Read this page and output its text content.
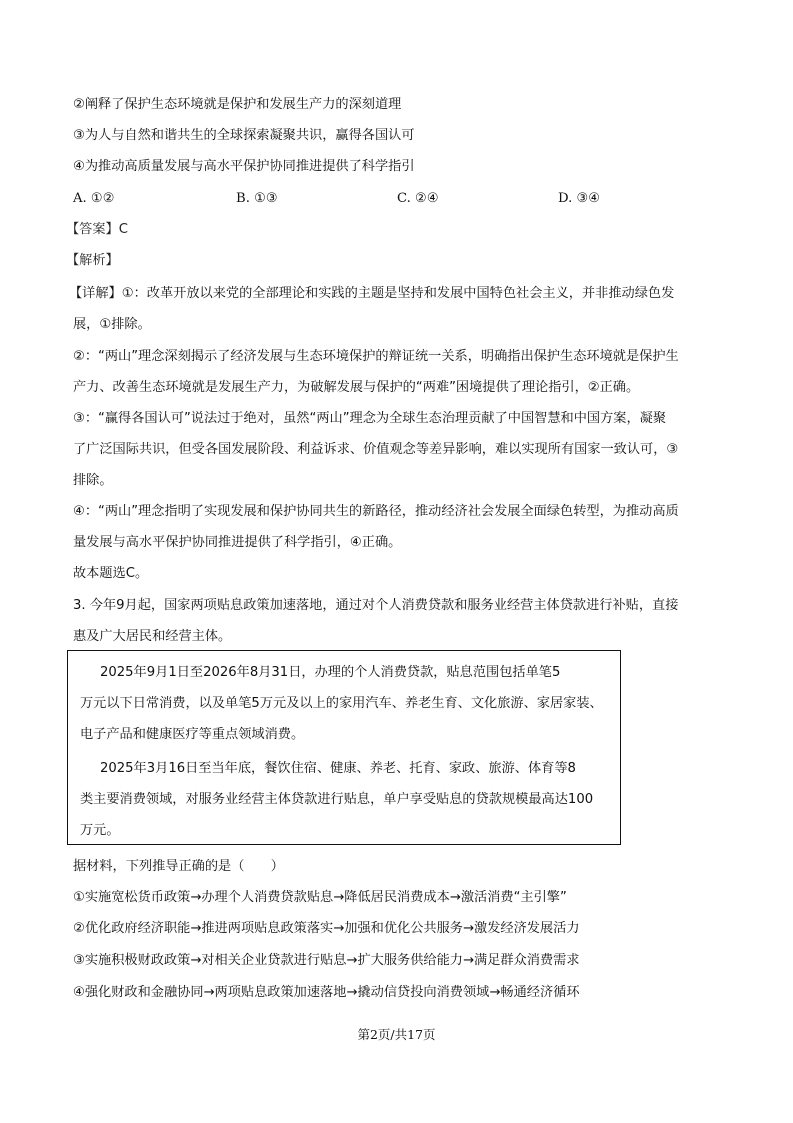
②阐释了保护生态环境就是保护和发展生产力的深刻道理
③为人与自然和谐共生的全球探索凝聚共识，赢得各国认可
④为推动高质量发展与高水平保护协同推进提供了科学指引
A. ①②	B. ①③	C. ②④	D. ③④
【答案】C
【解析】
【详解】①：改革开放以来党的全部理论和实践的主题是坚持和发展中国特色社会主义，并非推动绿色发
展，①排除。
②：“两山”理念深刻揭示了经济发展与生态环境保护的辩证统一关系，明确指出保护生态环境就是保护生
产力、改善生态环境就是发展生产力，为破解发展与保护的“两难”困境提供了理论指引，②正确。
③：“赢得各国认可”说法过于绝对，虽然“两山”理念为全球生态治理贡献了中国智慧和中国方案，凝聚
了广泛国际共识，但受各国发展阶段、利益诉求、价值观念等差异影响，难以实现所有国家一致认可，③
排除。
④：“两山”理念指明了实现发展和保护协同共生的新路径，推动经济社会发展全面绿色转型，为推动高质
量发展与高水平保护协同推进提供了科学指引，④正确。
故本题选C。
3. 今年9月起，国家两项贴息政策加速落地，通过对个人消费贷款和服务业经营主体贷款进行补贴，直接
惠及广大居民和经营主体。
2025年9月1日至2026年8月31日，办理的个人消费贷款，贴息范围包括单笔5
万元以下日常消费，以及单笔5万元及以上的家用汽车、养老生育、文化旅游、家居家装、
电子产品和健康医疗等重点领域消费。
2025年3月16日至当年底，餐饮住宿、健康、养老、托育、家政、旅游、体育等8
类主要消费领域，对服务业经营主体贷款进行贴息，单户享受贴息的贷款规模最高达100
万元。
据材料，下列推导正确的是（　　）
①实施宽松货币政策→办理个人消费贷款贴息→降低居民消费成本→激活消费“主引擎”
②优化政府经济职能→推进两项贴息政策落实→加强和优化公共服务→激发经济发展活力
③实施积极财政政策→对相关企业贷款进行贴息→扩大服务供给能力→满足群众消费需求
④强化财政和金融协同→两项贴息政策加速落地→撬动信贷投向消费领域→畅通经济循环
第2页/共17页
